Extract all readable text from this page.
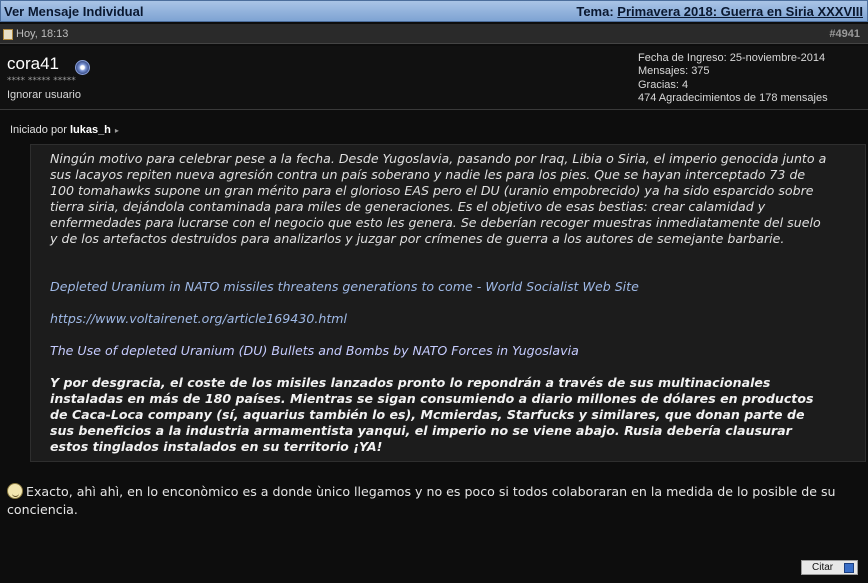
Ver Mensaje Individual	Tema: Primavera 2018: Guerra en Siria XXXVIII
Hoy, 18:13	#4941
cora41
**** ***** *****
Ignorar usuario
Fecha de Ingreso: 25-noviembre-2014
Mensajes: 375
Gracias: 4
474 Agradecimientos de 178 mensajes
Iniciado por lukas_h ▸

Ningún motivo para celebrar pese a la fecha. Desde Yugoslavia, pasando por Iraq, Libia o Siria, el imperio genocida junto a sus lacayos repiten nueva agresión contra un país soberano y nadie les para los pies. Que se hayan interceptado 73 de 100 tomahawks supone un gran mérito para el glorioso EAS pero el DU (uranio empobrecido) ya ha sido esparcido sobre tierra siria, dejándola contaminada para miles de generaciones. Es el objetivo de esas bestias: crear calamidad y enfermedades para lucrarse con el negocio que esto les genera. Se deberían recoger muestras inmediatamente del suelo y de los artefactos destruidos para analizarlos y juzgar por crímenes de guerra a los autores de semejante barbarie.

Depleted Uranium in NATO missiles threatens generations to come - World Socialist Web Site

https://www.voltairenet.org/article169430.html

The Use of depleted Uranium (DU) Bullets and Bombs by NATO Forces in Yugoslavia

Y por desgracia, el coste de los misiles lanzados pronto lo repondrán a través de sus multinacionales instaladas en más de 180 países. Mientras se sigan consumiendo a diario millones de dólares en productos de Caca-Loca company (sí, aquarius también lo es), Mcmierdas, Starfucks y similares, que donan parte de sus beneficios a la industria armamentista yanqui, el imperio no se viene abajo. Rusia debería clausurar estos tinglados instalados en su territorio ¡YA!

Exacto, ahì ahì, en lo enconòmico es a donde ùnico llegamos y no es poco si todos colaboraran en la medida de lo posible de su conciencia.
Citar
